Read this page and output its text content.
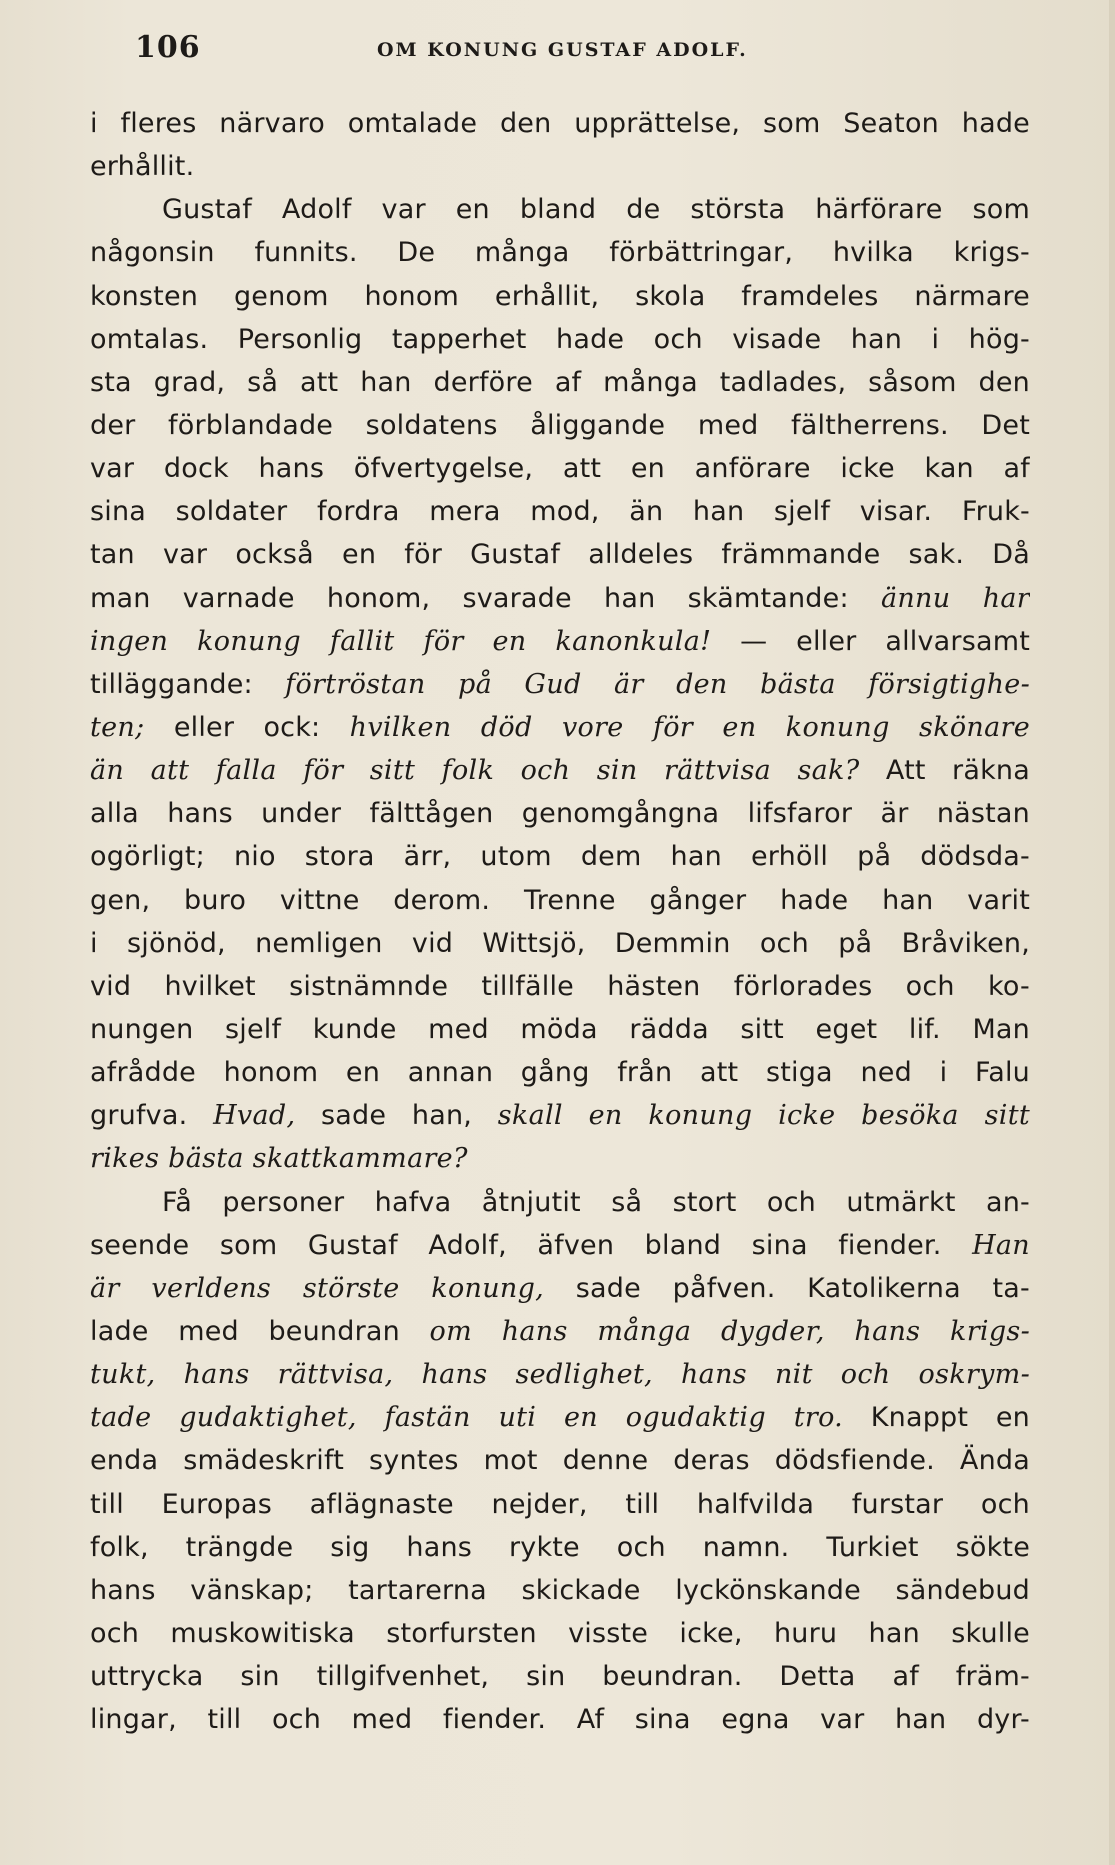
106	OM KONUNG GUSTAF ADOLF.
i fleres närvaro omtalade den upprättelse, som Seaton hade
erhållit.
Gustaf Adolf var en bland de största härförare som
någonsin funnits. De många förbättringar, hvilka krigs-
konsten genom honom erhållit, skola framdeles närmare
omtalas. Personlig tapperhet hade och visade han i hög-
sta grad, så att han derföre af många tadlades, såsom den
der förblandade soldatens åliggande med fältherrens. Det
var dock hans öfvertygelse, att en anförare icke kan af
sina soldater fordra mera mod, än han sjelf visar. Fruk-
tan var också en för Gustaf alldeles främmande sak. Då
man varnade honom, svarade han skämtande: ännu har
ingen konung fallit för en kanonkula! — eller allvarsamt
tilläggande: förtröstan på Gud är den bästa försigtighe-
ten; eller ock: hvilken död vore för en konung skönare
än att falla för sitt folk och sin rättvisa sak? Att räkna
alla hans under fälttågen genomgångna lifsfaror är nästan
ogörligt; nio stora ärr, utom dem han erhöll på dödsda-
gen, buro vittne derom. Trenne gånger hade han varit
i sjönöd, nemligen vid Wittsjö, Demmin och på Bråviken,
vid hvilket sistnämnde tillfälle hästen förlorades och ko-
nungen sjelf kunde med möda rädda sitt eget lif. Man
afrådde honom en annan gång från att stiga ned i Falu
grufva. Hvad, sade han, skall en konung icke besöka sitt
rikes bästa skattkammare?
Få personer hafva åtnjutit så stort och utmärkt an-
seende som Gustaf Adolf, äfven bland sina fiender. Han
är verldens störste konung, sade påfven. Katolikerna ta-
lade med beundran om hans många dygder, hans krigs-
tukt, hans rättvisa, hans sedlighet, hans nit och oskrym-
tade gudaktighet, fastän uti en ogudaktig tro. Knappt en
enda smädeskrift syntes mot denne deras dödsfiende. Ända
till Europas aflägnaste nejder, till halfvilda furstar och
folk, trängde sig hans rykte och namn. Turkiet sökte
hans vänskap; tartarerna skickade lyckönskande sändebud
och muskowitiska storfursten visste icke, huru han skulle
uttrycka sin tillgifvenhet, sin beundran. Detta af främ-
lingar, till och med fiender. Af sina egna var han dyr-
